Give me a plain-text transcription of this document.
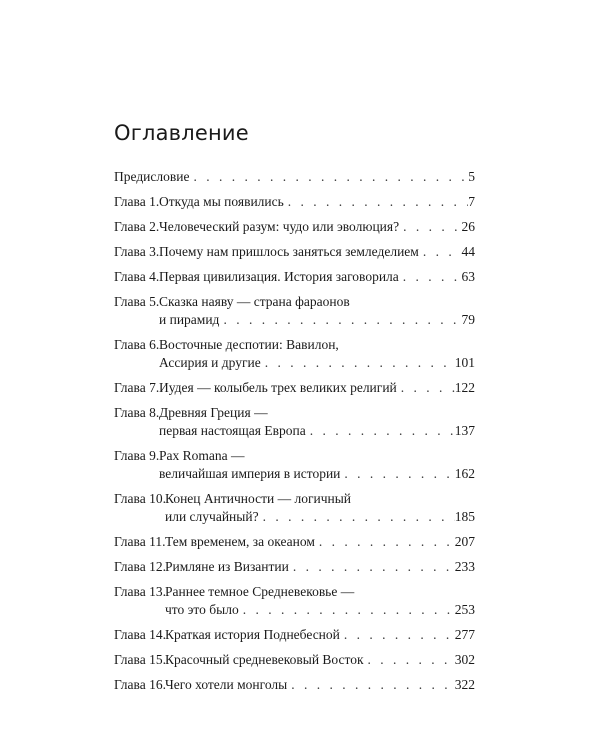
Оглавление
Предисловие . . .	5
Глава 1.Откуда мы появились . . .	7
Глава 2.Человеческий разум: чудо или эволюция? . . .	26
Глава 3.Почему нам пришлось заняться земледелием . . .	44
Глава 4.Первая цивилизация. История заговорила . . .	63
Глава 5.Сказка наяву — страна фараонов
и пирамид . . .	79
Глава 6.Восточные деспотии: Вавилон,
Ассирия и другие . . .	101
Глава 7.Иудея — колыбель трех великих религий . . .	122
Глава 8.Древняя Греция —
первая настоящая Европа . . .	137
Глава 9.Pax Romana —
величайшая империя в истории . . .	162
Глава 10.Конец Античности — логичный
или случайный? . . .	185
Глава 11.Тем временем, за океаном . . .	207
Глава 12.Римляне из Византии . . .	233
Глава 13.Раннее темное Средневековье —
что это было . . .	253
Глава 14.Краткая история Поднебесной . . .	277
Глава 15.Красочный средневековый Восток . . .	302
Глава 16.Чего хотели монголы . . .	322
